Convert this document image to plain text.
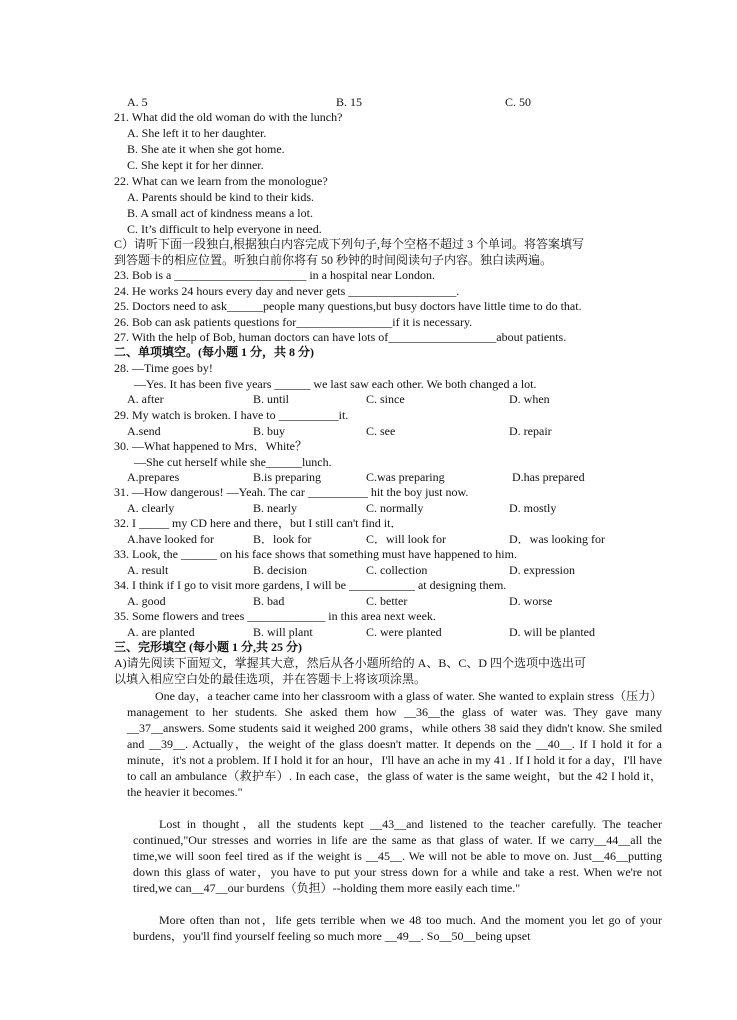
A. 5	B. 15	C. 50
21. What did the old woman do with the lunch?
A. She left it to her daughter.
B. She ate it when she got home.
C. She kept it for her dinner.
22. What can we learn from the monologue?
A. Parents should be kind to their kids.
B. A small act of kindness means a lot.
C. It’s difficult to help everyone in need.
C）请听下面一段独白,根据独白内容完成下列句子,每个空格不超过 3 个单词。将答案填写
到答题卡的相应位置。听独白前你将有 50 秒钟的时间阅读句子内容。独白读两遍。
23. Bob is a ______________________ in a hospital near London.
24. He works 24 hours every day and never gets __________________.
25. Doctors need to ask______people many questions,but busy doctors have little time to do that.
26. Bob can ask patients questions for________________if it is necessary.
27. With the help of Bob, human doctors can have lots of__________________about patients.
二、单项填空。(每小题 1 分，共 8 分)
28. —Time goes by!
—Yes. It has been five years ______ we last saw each other. We both changed a lot.
A. after	B. until	C. since	D. when
29. My watch is broken. I have to __________it.
A.send	B. buy	C. see	D. repair
30. —What happened to Mrs．White？
—She cut herself while she______lunch.
A.prepares	B.is preparing	C.was preparing	D.has prepared
31. —How dangerous! —Yeah. The car __________ hit the boy just now.
A. clearly	B. nearly	C. normally	D. mostly
32. I _____ my CD here and there，but I still can't find it．
A.have looked for	B．look for	C．will look for	D．was looking for
33. Look, the ______ on his face shows that something must have happened to him.
A. result	B. decision	C. collection	D. expression
34. I think if I go to visit more gardens, I will be ___________ at designing them.
A. good	B. bad	C. better	D. worse
35. Some flowers and trees _____________ in this area next week.
A. are planted	B. will plant	C. were planted	D. will be planted
三、完形填空 (每小题 1 分,共 25 分)
A)请先阅读下面短文，掌握其大意，然后从各小题所给的 A、B、C、D 四个选项中选出可
以填入相应空白处的最佳选项，并在答题卡上将该项涂黑。
One day，a teacher came into her classroom with a glass of water. She wanted to explain stress（压力）management to her students. She asked them how __36__the glass of water was. They gave many __37__answers. Some students said it weighed 200 grams，while others 38 said they didn't know. She smiled and __39__. Actually，the weight of the glass doesn't matter. It depends on the __40__. If I hold it for a minute，it's not a problem. If I hold it for an hour，I'll have an ache in my 41 . If I hold it for a day，I'll have to call an ambulance（救护车）. In each case，the glass of water is the same weight，but the 42 I hold it，the heavier it becomes."
Lost in thought，all the students kept __43__and listened to the teacher carefully. The teacher continued,"Our stresses and worries in life are the same as that glass of water. If we carry__44__all the time,we will soon feel tired as if the weight is __45__. We will not be able to move on. Just__46__putting down this glass of water，you have to put your stress down for a while and take a rest. When we're not tired,we can__47__our burdens（负担）--holding them more easily each time."
More often than not，life gets terrible when we 48 too much. And the moment you let go of your burdens，you'll find yourself feeling so much more __49__. So__50__being upset
